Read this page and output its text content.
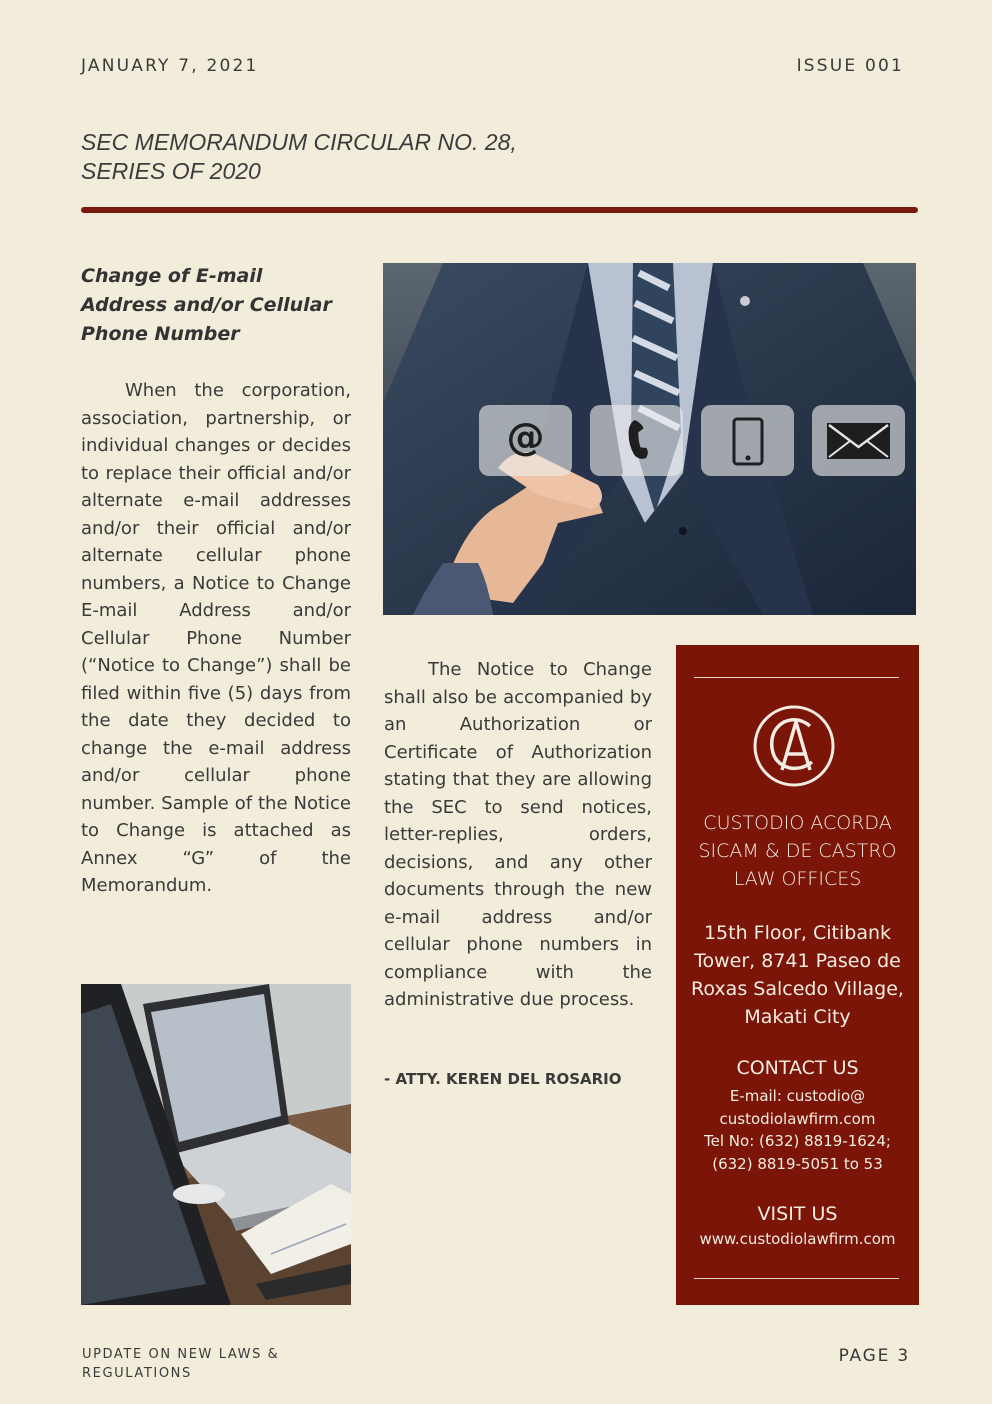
JANUARY 7, 2021	ISSUE 001
SEC MEMORANDUM CIRCULAR NO. 28,
SERIES OF 2020
Change of E-mail
Address and/or Cellular
Phone Number
When the corporation, association, partnership, or individual changes or decides to replace their official and/or alternate e-mail addresses and/or their official and/or alternate cellular phone numbers, a Notice to Change E-mail Address and/or Cellular Phone Number (“Notice to Change”) shall be filed within five (5) days from the date they decided to change the e-mail address and/or cellular phone number. Sample of the Notice to Change is attached as Annex “G” of the Memorandum.
@
The Notice to Change shall also be accompanied by an Authorization or Certificate of Authorization stating that they are allowing the SEC to send notices, letter-replies, orders, decisions, and any other documents through the new e-mail address and/or cellular phone numbers in compliance with the administrative due process.
- ATTY. KEREN DEL ROSARIO
CUSTODIO ACORDA
SICAM & DE CASTRO
LAW OFFICES
15th Floor, Citibank
Tower, 8741 Paseo de
Roxas Salcedo Village,
Makati City
CONTACT US
E-mail: custodio@
custodiolawfirm.com
Tel No: (632) 8819-1624;
(632) 8819-5051 to 53
VISIT US
www.custodiolawfirm.com
UPDATE ON NEW LAWS &
REGULATIONS
PAGE 3
